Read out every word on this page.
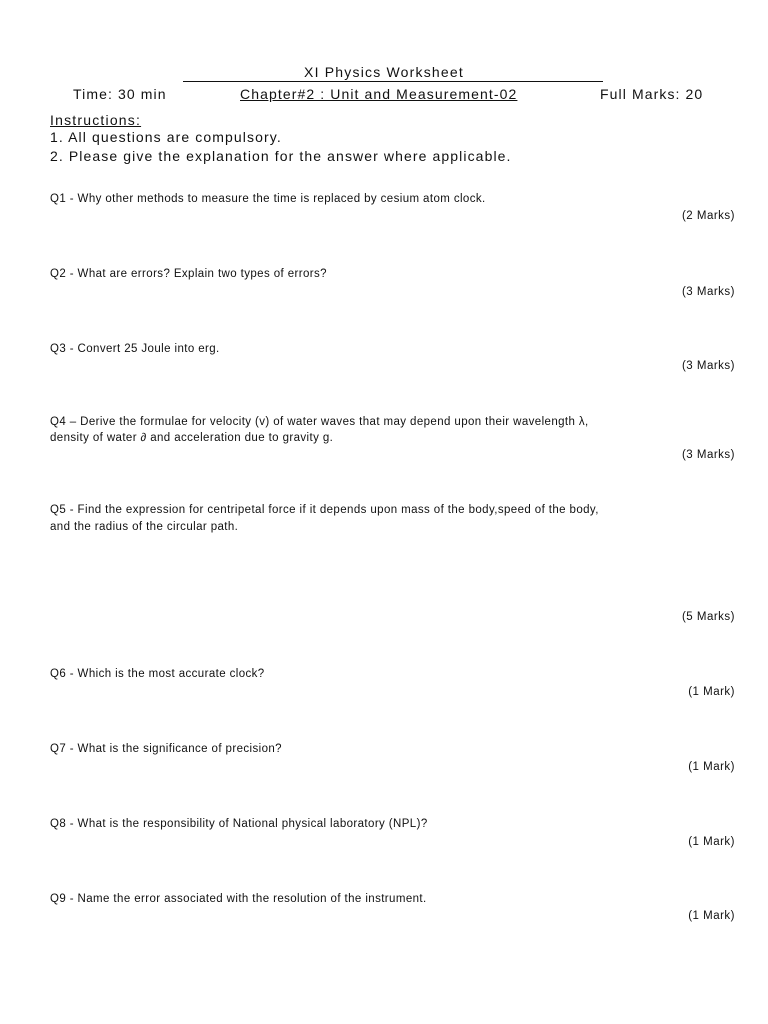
XI Physics Worksheet
Time: 30 min	Chapter#2 : Unit and Measurement-02	Full Marks: 20
Instructions:
1. All questions are compulsory.
2. Please give the explanation for the answer where applicable.
Q1 - Why other methods to measure the time is replaced by cesium atom clock.
(2 Marks)
Q2 - What are errors? Explain two types of errors?
(3 Marks)
Q3 - Convert 25 Joule into erg.
(3 Marks)
Q4 – Derive the formulae for velocity (v) of water waves that may depend upon their wavelength λ,
density of water ∂ and acceleration due to gravity g.
(3 Marks)
Q5 - Find the expression for centripetal force if it depends upon mass of the body,speed of the body,
and the radius of the circular path.
(5 Marks)
Q6 - Which is the most accurate clock?
(1 Mark)
Q7 - What is the significance of precision?
(1 Mark)
Q8 - What is the responsibility of National physical laboratory (NPL)?
(1 Mark)
Q9 - Name the error associated with the resolution of the instrument.
(1 Mark)
